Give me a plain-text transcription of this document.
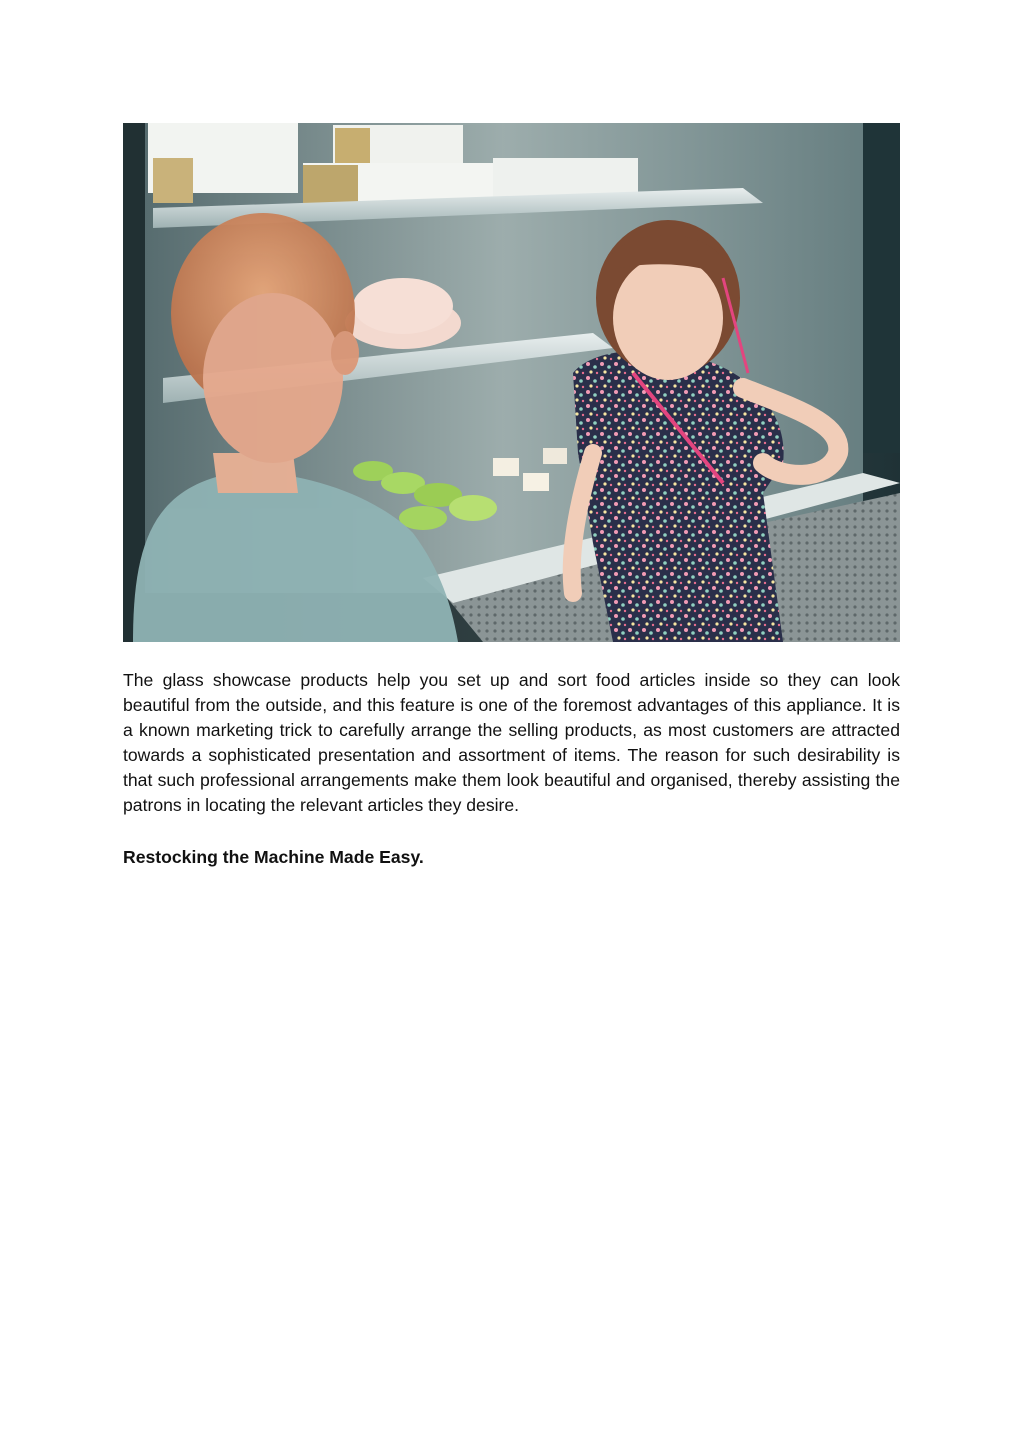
The glass showcase products help you set up and sort food articles inside so they can look beautiful from the outside, and this feature is one of the foremost advantages of this appliance. It is a known marketing trick to carefully arrange the selling products, as most customers are attracted towards a sophisticated presentation and assortment of items. The reason for such desirability is that such professional arrangements make them look beautiful and organised, thereby assisting the patrons in locating the relevant articles they desire.

Restocking the Machine Made Easy.
